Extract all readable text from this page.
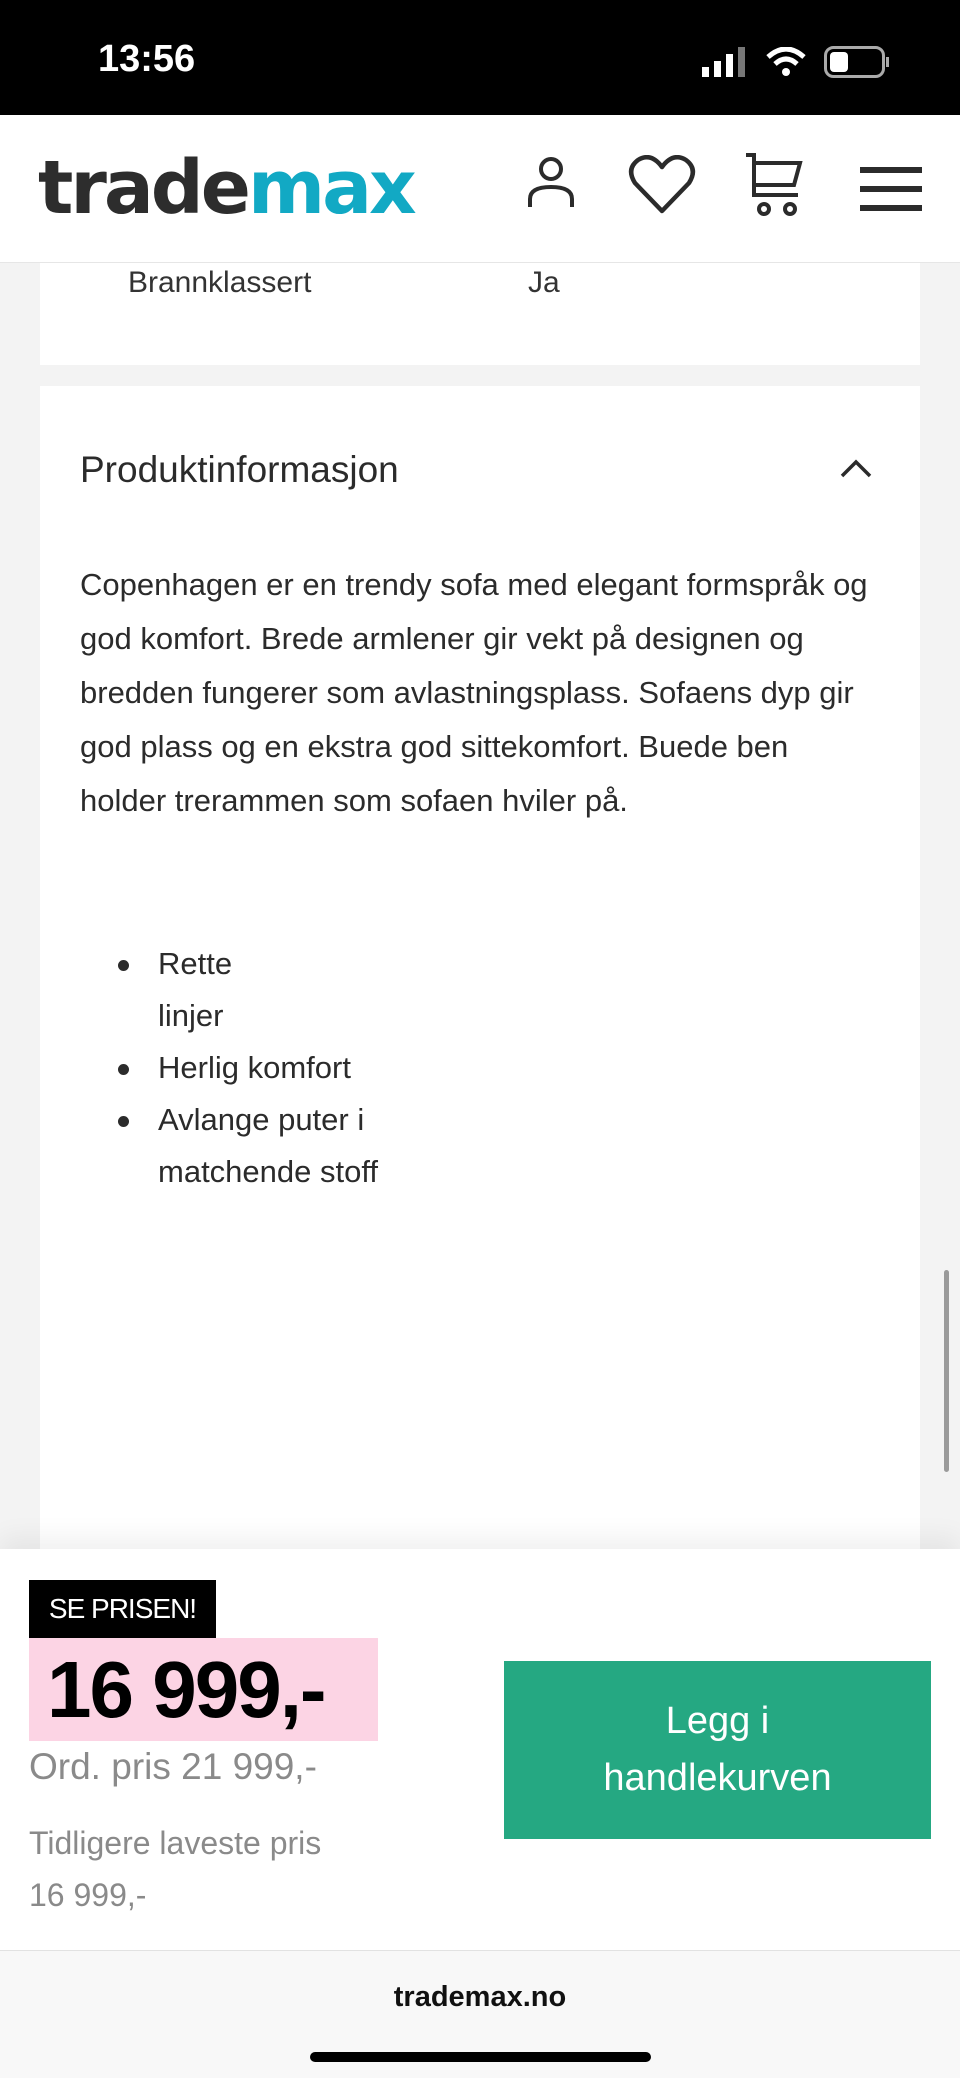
13:56
trademax
Brannklassert	Ja
Produktinformasjon

Copenhagen er en trendy sofa med elegant formspråk og god komfort. Brede armlener gir vekt på designen og bredden fungerer som avlastningsplass. Sofaens dyp gir god plass og en ekstra god sittekomfort. Buede ben holder trerammen som sofaen hviler på.

Rette linjer
Herlig komfort
Avlange puter i matchende stoff
SE PRISEN!
16 999,-
Ord. pris 21 999,-
Tidligere laveste pris
16 999,-
Legg i handlekurven
trademax.no
